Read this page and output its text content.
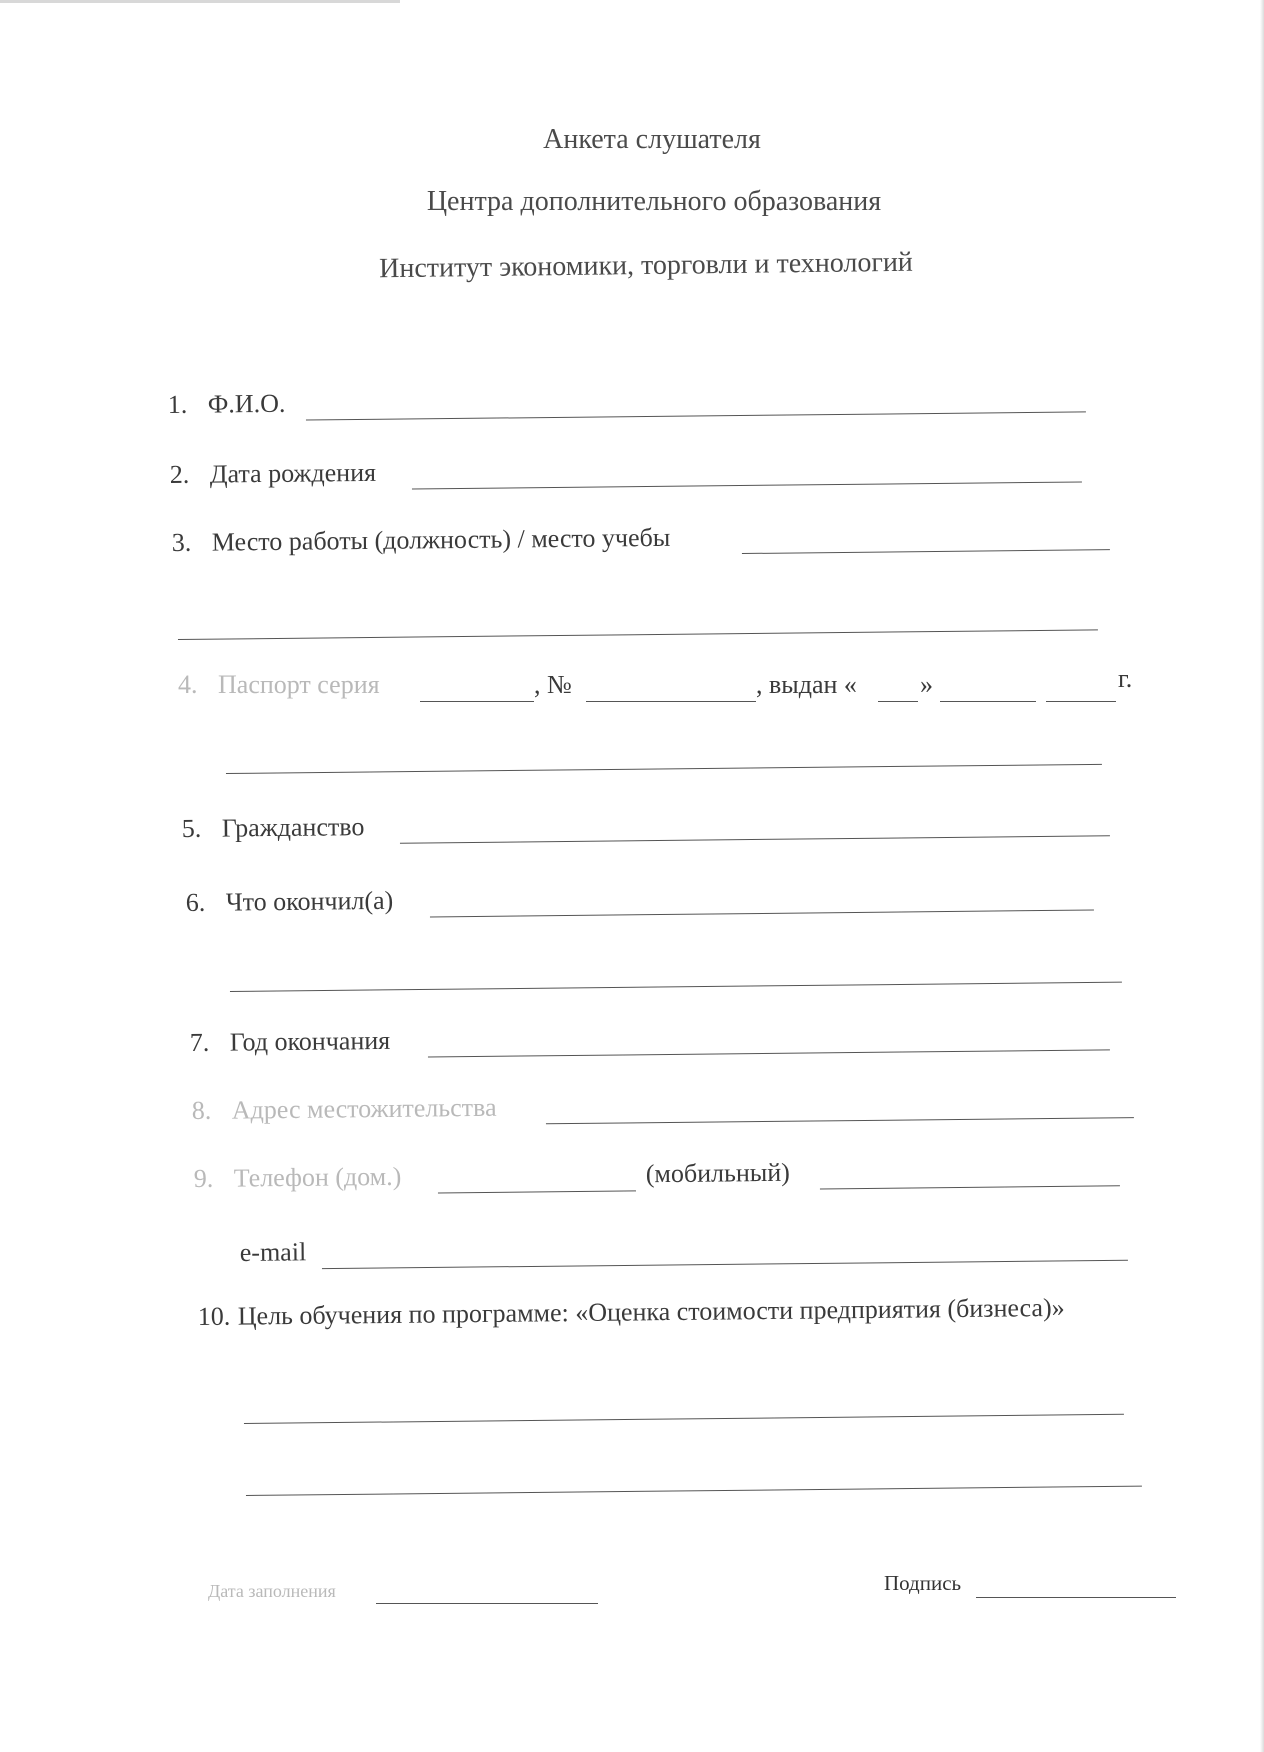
Анкета слушателя
Центра дополнительного образования
Институт экономики, торговли и технологий
1. Ф.И.О.
2. Дата рождения
3. Место работы (должность) / место учебы
4. Паспорт серия	, №	, выдан « »	г.
5. Гражданство
6. Что окончил(а)
7. Год окончания
8. Адрес местожительства
9. Телефон (дом.)	(мобильный)
e-mail
10. Цель обучения по программе: «Оценка стоимости предприятия (бизнеса)»
Дата заполнения	Подпись
